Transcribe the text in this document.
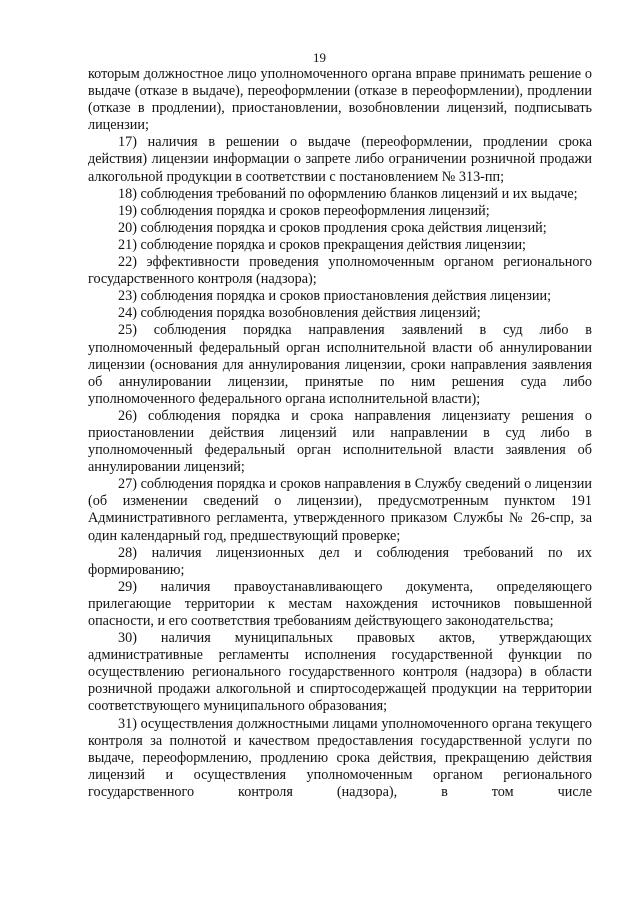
19

которым должностное лицо уполномоченного органа вправе принимать решение о выдаче (отказе в выдаче), переоформлении (отказе в переоформлении), продлении (отказе в продлении), приостановлении, возобновлении лицензий, подписывать лицензии;

17) наличия в решении о выдаче (переоформлении, продлении срока действия) лицензии информации о запрете либо ограничении розничной продажи алкогольной продукции в соответствии с постановлением № 313-пп;

18) соблюдения требований по оформлению бланков лицензий и их выдаче;

19) соблюдения порядка и сроков переоформления лицензий;

20) соблюдения порядка и сроков продления срока действия лицензий;

21) соблюдение порядка и сроков прекращения действия лицензии;

22) эффективности проведения уполномоченным органом регионального государственного контроля (надзора);

23) соблюдения порядка и сроков приостановления действия лицензии;

24) соблюдения порядка возобновления действия лицензий;

25) соблюдения порядка направления заявлений в суд либо в уполномоченный федеральный орган исполнительной власти об аннулировании лицензии (основания для аннулирования лицензии, сроки направления заявления об аннулировании лицензии, принятые по ним решения суда либо уполномоченного федерального органа исполнительной власти);

26) соблюдения порядка и срока направления лицензиату решения о приостановлении действия лицензий или направлении в суд либо в уполномоченный федеральный орган исполнительной власти заявления об аннулировании лицензий;

27) соблюдения порядка и сроков направления в Службу сведений о лицензии (об изменении сведений о лицензии), предусмотренным пунктом 191 Административного регламента, утвержденного приказом Службы № 26-спр, за один календарный год, предшествующий проверке;

28) наличия лицензионных дел и соблюдения требований по их формированию;

29) наличия правоустанавливающего документа, определяющего прилегающие территории к местам нахождения источников повышенной опасности, и его соответствия требованиям действующего законодательства;

30) наличия муниципальных правовых актов, утверждающих административные регламенты исполнения государственной функции по осуществлению регионального государственного контроля (надзора) в области розничной продажи алкогольной и спиртосодержащей продукции на территории соответствующего муниципального образования;

31) осуществления должностными лицами уполномоченного органа текущего контроля за полнотой и качеством предоставления государственной услуги по выдаче, переоформлению, продлению срока действия, прекращению действия лицензий и осуществления уполномоченным органом регионального государственного контроля (надзора), в том числе
